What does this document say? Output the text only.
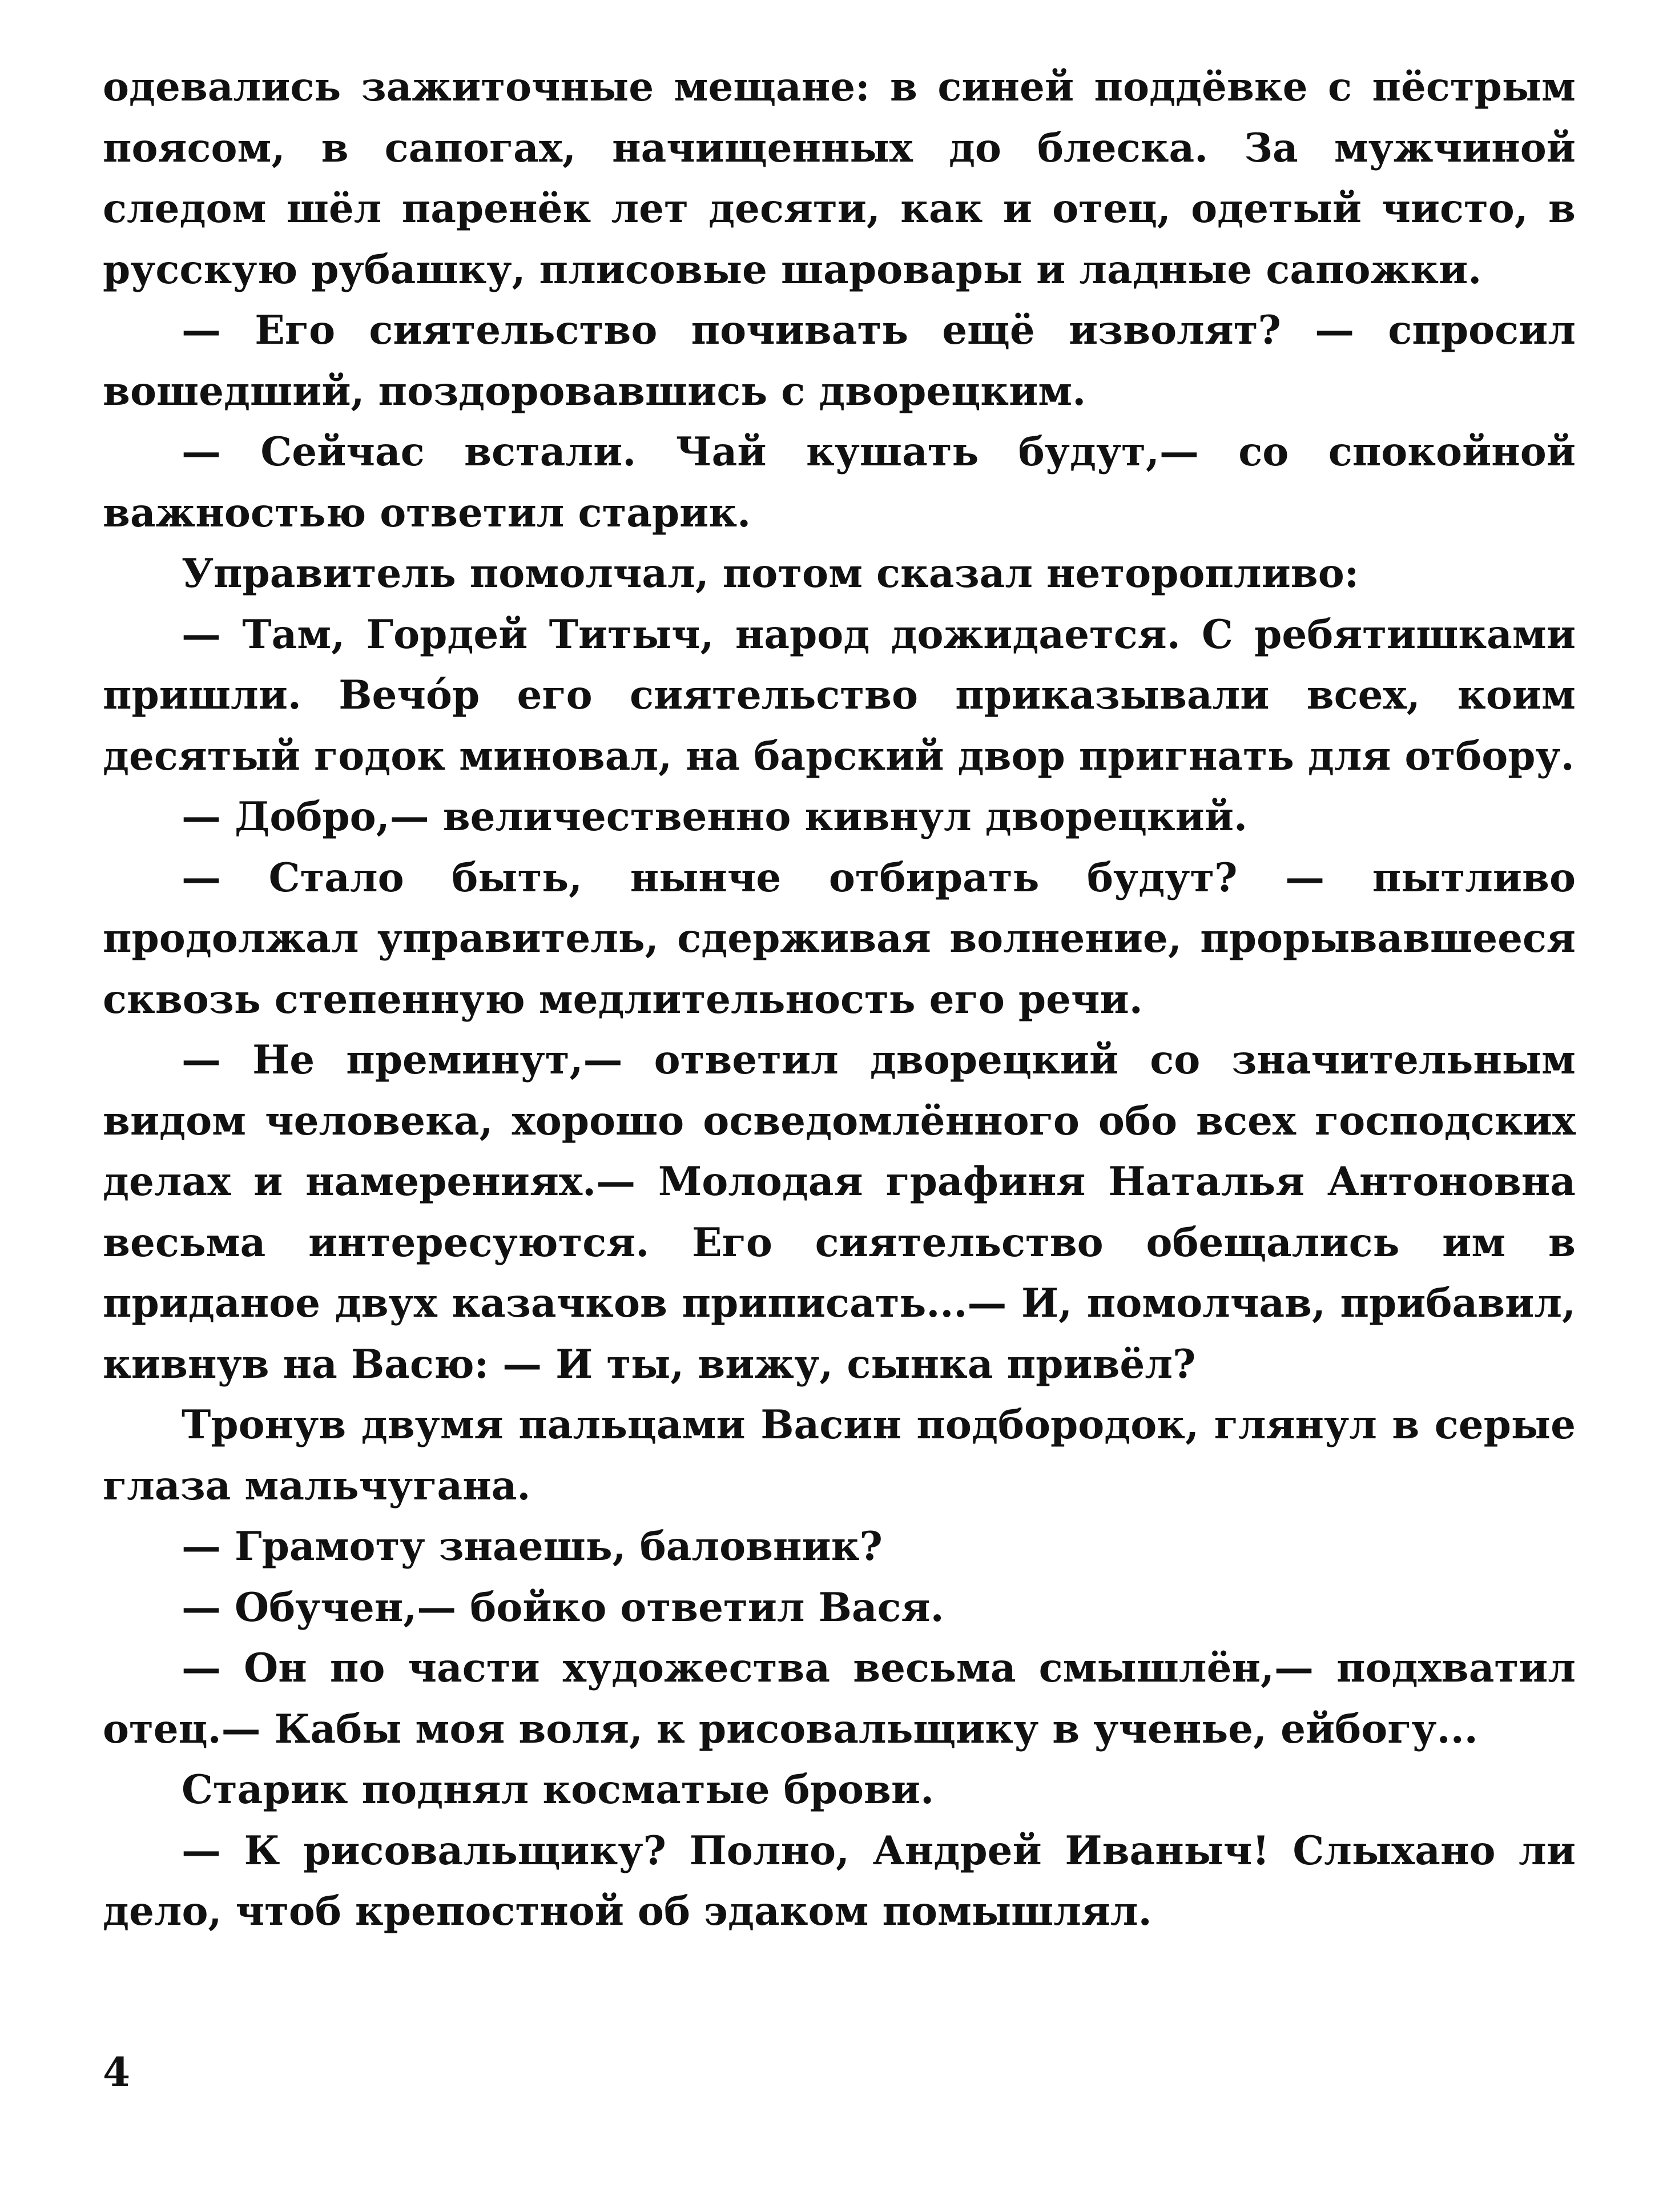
одевались зажиточные мещане: в синей поддёвке с пёстрым поясом, в сапогах, начищенных до блеска. За мужчиной следом шёл паренёк лет десяти, как и отец, одетый чисто, в русскую рубашку, плисовые шаровары и ладные сапожки.

— Его сиятельство почивать ещё изволят? — спросил вошедший, поздоровавшись с дворецким.

— Сейчас встали. Чай кушать будут,— со спокойной важностью ответил старик.

Управитель помолчал, потом сказал неторопливо:

— Там, Гордей Титыч, народ дожидается. С ребятишками пришли. Вечо́р его сиятельство приказывали всех, коим десятый годок миновал, на барский двор пригнать для отбору.

— Добро,— величественно кивнул дворецкий.

— Стало быть, нынче отбирать будут? — пытливо продолжал управитель, сдерживая волнение, прорывавшееся сквозь степенную медлительность его речи.

— Не преминут,— ответил дворецкий со значительным видом человека, хорошо осведомлённого обо всех господских делах и намерениях.— Молодая графиня Наталья Антоновна весьма интересуются. Его сиятельство обещались им в приданое двух казачков приписать...— И, помолчав, прибавил, кивнув на Васю: — И ты, вижу, сынка привёл?

Тронув двумя пальцами Васин подбородок, глянул в серые глаза мальчугана.

— Грамоту знаешь, баловник?

— Обучен,— бойко ответил Вася.

— Он по части художества весьма смышлён,— подхватил отец.— Кабы моя воля, к рисовальщику в ученье, ейбогу...

Старик поднял косматые брови.

— К рисовальщику? Полно, Андрей Иваныч! Слыхано ли дело, чтоб крепостной об эдаком помышлял.

4
